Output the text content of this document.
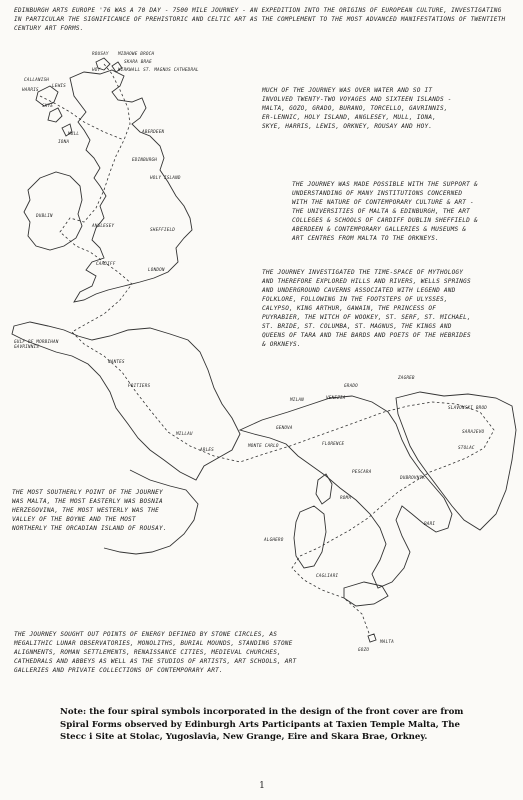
ROUSAY MIDHOWE BROCH
SKARA BRAE
HOY	KIRKWALL ST. MAGNUS CATHEDRAL
CALLANISH
HARRIS
LEWIS
SKYE
ABERDEEN
IONA
MULL
EDINBURGH
HOLY ISLAND
DUBLIN
ANGLESEY
SHEFFIELD
CARDIFF
LONDON
GULF OF MORBIHAN GAVRINNIS
NANTES
POITIERS
MILLAU
ARLES
MONTE CARLO
GENOVA
MILAN	VENEZIA
GRADO
ZAGREB
SLAVONSKI BROD
FLORENCE
PESCARA
ROMA
DUBROVNIK
SARAJEVO
STOLAC
BARI
ALGHERO
CAGLIARI
GOZO
MALTA

EDINBURGH ARTS EUROPE '76 WAS A 70 DAY - 7500 MILE JOURNEY - AN EXPEDITION INTO THE ORIGINS OF EUROPEAN CULTURE, INVESTIGATING IN PARTICULAR THE SIGNIFICANCE OF PREHISTORIC AND CELTIC ART AS THE COMPLEMENT TO THE MOST ADVANCED MANIFESTATIONS OF TWENTIETH CENTURY ART FORMS.

MUCH OF THE JOURNEY WAS OVER WATER AND SO IT INVOLVED TWENTY-TWO VOYAGES AND SIXTEEN ISLANDS - MALTA, GOZO, GRADO, BURANO, TORCELLO, GAVRINNIS, ER-LENNIC, HOLY ISLAND, ANGLESEY, MULL, IONA, SKYE, HARRIS, LEWIS, ORKNEY, ROUSAY AND HOY.

THE JOURNEY WAS MADE POSSIBLE WITH THE SUPPORT & UNDERSTANDING OF MANY INSTITUTIONS CONCERNED WITH THE NATURE OF CONTEMPORARY CULTURE & ART - THE UNIVERSITIES OF MALTA & EDINBURGH, THE ART COLLEGES & SCHOOLS OF CARDIFF DUBLIN SHEFFIELD & ABERDEEN & CONTEMPORARY GALLERIES & MUSEUMS & ART CENTRES FROM MALTA TO THE ORKNEYS.

THE JOURNEY INVESTIGATED THE TIME-SPACE OF MYTHOLOGY AND THEREFORE EXPLORED HILLS AND RIVERS, WELLS SPRINGS AND UNDERGROUND CAVERNS ASSOCIATED WITH LEGEND AND FOLKLORE, FOLLOWING IN THE FOOTSTEPS OF ULYSSES, CALYPSO, KING ARTHUR, GAWAIN, THE PRINCESS OF PUYRABIER, THE WITCH OF WOOKEY, ST. SERF, ST. MICHAEL, ST. BRIDE, ST. COLUMBA, ST. MAGNUS, THE KINGS AND QUEENS OF TARA AND THE BARDS AND POETS OF THE HEBRIDES & ORKNEYS.

THE MOST SOUTHERLY POINT OF THE JOURNEY WAS MALTA, THE MOST EASTERLY WAS BOSNIA HERZEGOVINA, THE MOST WESTERLY WAS THE VALLEY OF THE BOYNE AND THE MOST NORTHERLY THE ORCADIAN ISLAND OF ROUSAY.

THE JOURNEY SOUGHT OUT POINTS OF ENERGY DEFINED BY STONE CIRCLES, AS MEGALITHIC LUNAR OBSERVATORIES, MONOLITHS, BURIAL MOUNDS, STANDING STONE ALIGNMENTS, ROMAN SETTLEMENTS, RENAISSANCE CITIES, MEDIEVAL CHURCHES, CATHEDRALS AND ABBEYS AS WELL AS THE STUDIOS OF ARTISTS, ART SCHOOLS, ART GALLERIES AND PRIVATE COLLECTIONS OF CONTEMPORARY ART.

Note: the four spiral symbols incorporated in the design of the front cover are from Spiral Forms observed by Edinburgh Arts Participants at Taxien Temple Malta, The Stecc i Site at Stolac, Yugoslavia, New Grange, Eire and Skara Brae, Orkney.
1
